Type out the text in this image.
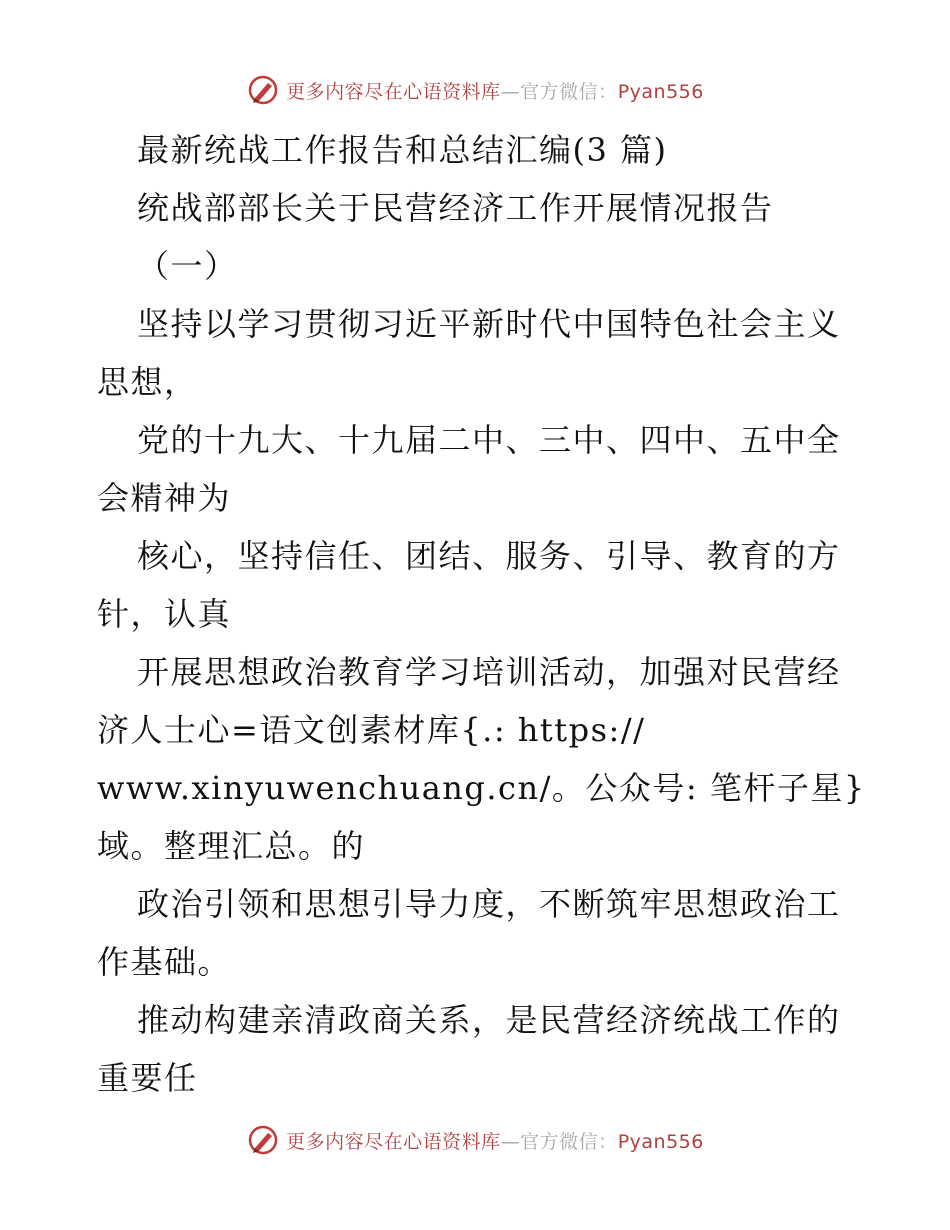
更多内容尽在心语资料库—官方微信：Pyan556
最新统战工作报告和总结汇编(3 篇)
统战部部长关于民营经济工作开展情况报告
（一）
坚持以学习贯彻习近平新时代中国特色社会主义
思想，
党的十九大、十九届二中、三中、四中、五中全
会精神为
核心，坚持信任、团结、服务、引导、教育的方
针，认真
开展思想政治教育学习培训活动，加强对民营经
济人士心=语文创素材库{.: https://
www.xinyuwenchuang.cn/。公众号: 笔杆子星}
域。整理汇总。的
政治引领和思想引导力度，不断筑牢思想政治工
作基础。
推动构建亲清政商关系，是民营经济统战工作的
重要任
更多内容尽在心语资料库—官方微信：Pyan556
